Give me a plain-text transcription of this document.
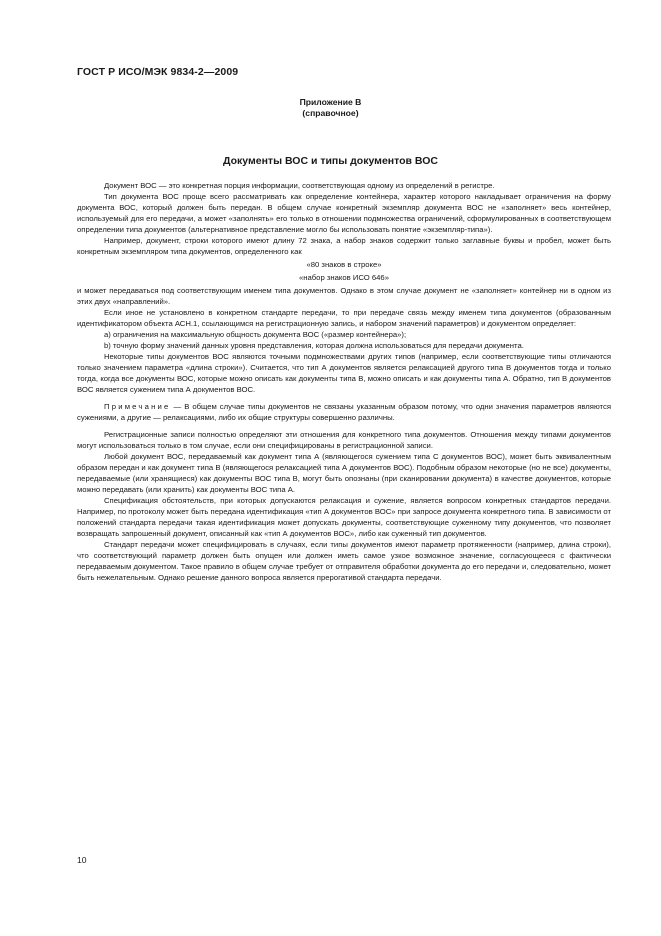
ГОСТ Р ИСО/МЭК 9834-2—2009
Приложение В
(справочное)
Документы ВОС и типы документов ВОС

Документ ВОС — это конкретная порция информации, соответствующая одному из определений в регистре.

Тип документа ВОС проще всего рассматривать как определение контейнера, характер которого накладывает ограничения на форму документа ВОС, который должен быть передан. В общем случае конкретный экземпляр документа ВОС не «заполняет» весь контейнер, используемый для его передачи, а может «заполнять» его только в отношении подмножества ограничений, сформулированных в соответствующем определении типа документов (альтернативное представление могло бы использовать понятие «экземпляр-типа»).

Например, документ, строки которого имеют длину 72 знака, а набор знаков содержит только заглавные буквы и пробел, может быть конкретным экземпляром типа документов, определенного как

«80 знаков в строке»

«набор знаков ИСО 646»

и может передаваться под соответствующим именем типа документов. Однако в этом случае документ не «заполняет» контейнер ни в одном из этих двух «направлений».

Если иное не установлено в конкретном стандарте передачи, то при передаче связь между именем типа документов (образованным идентификатором объекта АСН.1, ссылающимся на регистрационную запись, и набором значений параметров) и документом определяет:

а) ограничения на максимальную общность документа ВОС («размер контейнера»);

b) точную форму значений данных уровня представления, которая должна использоваться для передачи документа.

Некоторые типы документов ВОС являются точными подмножествами других типов (например, если соответствующие типы отличаются только значением параметра «длина строки»). Считается, что тип А документов является релаксацией другого типа В документов тогда и только тогда, когда все документы ВОС, которые можно описать как документы типа В, можно описать и как документы типа А. Обратно, тип В документов ВОС является сужением типа А документов ВОС.

Примечание — В общем случае типы документов не связаны указанным образом потому, что одни значения параметров являются сужениями, а другие — релаксациями, либо их общие структуры совершенно различны.

Регистрационные записи полностью определяют эти отношения для конкретного типа документов. Отношения между типами документов могут использоваться только в том случае, если они специфицированы в регистрационной записи.

Любой документ ВОС, передаваемый как документ типа А (являющегося сужением типа С документов ВОС), может быть эквивалентным образом передан и как документ типа В (являющегося релаксацией типа А документов ВОС). Подобным образом некоторые (но не все) документы, передаваемые (или хранящиеся) как документы ВОС типа В, могут быть опознаны (при сканировании документа) в качестве документов, которые можно передавать (или хранить) как документы ВОС типа А.

Спецификация обстоятельств, при которых допускаются релаксация и сужение, является вопросом конкретных стандартов передачи. Например, по протоколу может быть передана идентификация «тип А документов ВОС» при запросе документа конкретного типа. В зависимости от положений стандарта передачи такая идентификация может допускать документы, соответствующие суженному типу документов, что позволяет возвращать запрошенный документ, описанный как «тип А документов ВОС», либо как суженный тип документов.

Стандарт передачи может специфицировать в случаях, если типы документов имеют параметр протяженности (например, длина строки), что соответствующий параметр должен быть опущен или должен иметь самое узкое возможное значение, согласующееся с фактически передаваемым документом. Такое правило в общем случае требует от отправителя обработки документа до его передачи и, следовательно, может быть нежелательным. Однако решение данного вопроса является прерогативой стандарта передачи.

10
